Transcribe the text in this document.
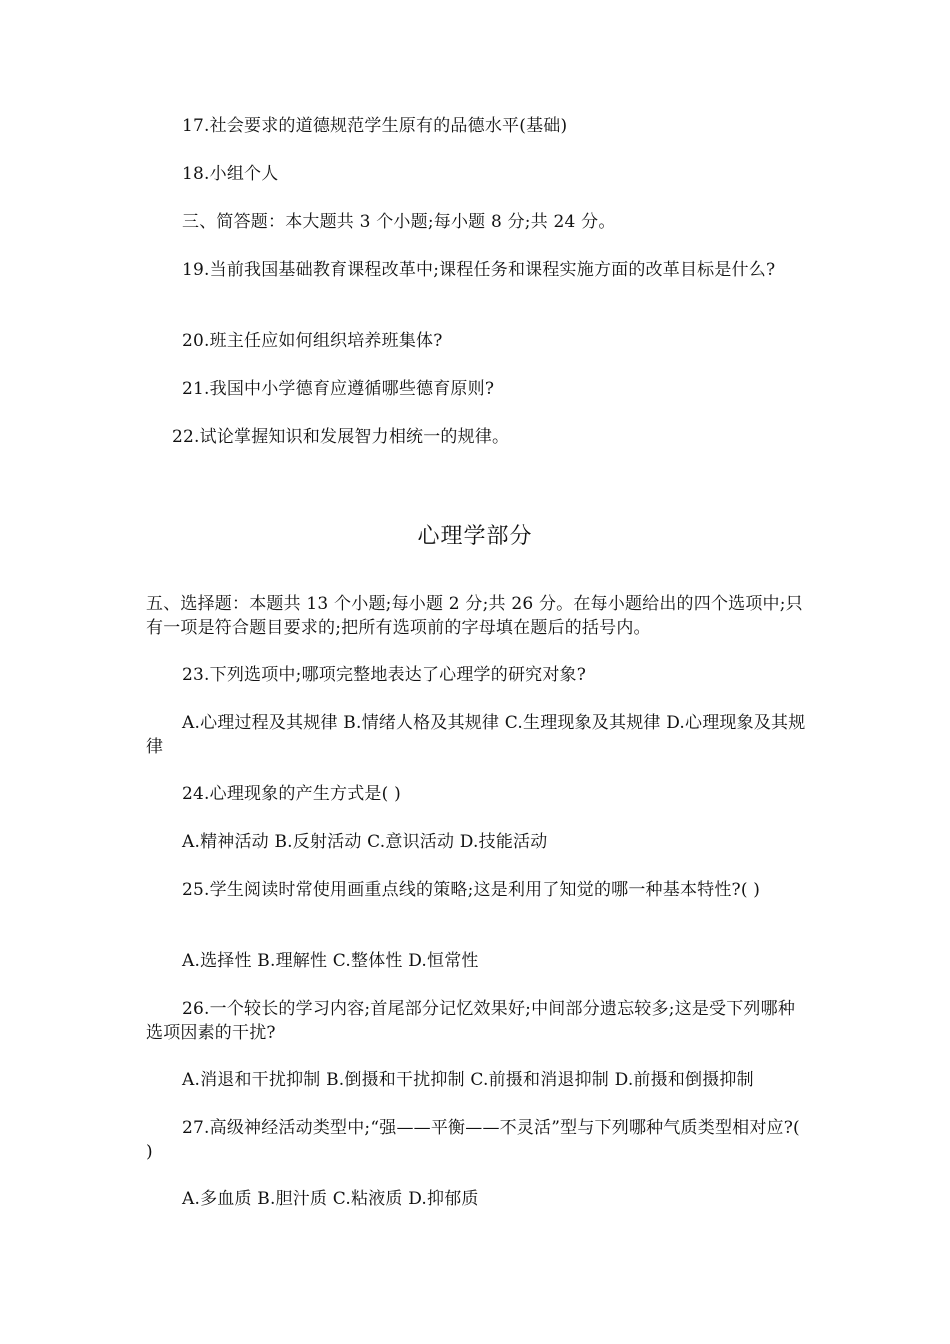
17.社会要求的道德规范学生原有的品德水平(基础)
18.小组个人
三、简答题：本大题共 3 个小题;每小题 8 分;共 24 分。
19.当前我国基础教育课程改革中;课程任务和课程实施方面的改革目标是什么?
20.班主任应如何组织培养班集体?
21.我国中小学德育应遵循哪些德育原则?
22.试论掌握知识和发展智力相统一的规律。
心理学部分
五、选择题：本题共 13 个小题;每小题 2 分;共 26 分。在每小题给出的四个选项中;只有一项是符合题目要求的;把所有选项前的字母填在题后的括号内。
23.下列选项中;哪项完整地表达了心理学的研究对象?
A.心理过程及其规律 B.情绪人格及其规律 C.生理现象及其规律 D.心理现象及其规律
24.心理现象的产生方式是( )
A.精神活动 B.反射活动 C.意识活动 D.技能活动
25.学生阅读时常使用画重点线的策略;这是利用了知觉的哪一种基本特性?( )
A.选择性 B.理解性 C.整体性 D.恒常性
26.一个较长的学习内容;首尾部分记忆效果好;中间部分遗忘较多;这是受下列哪种选项因素的干扰?
A.消退和干扰抑制 B.倒摄和干扰抑制 C.前摄和消退抑制 D.前摄和倒摄抑制
27.高级神经活动类型中;“强——平衡——不灵活”型与下列哪种气质类型相对应?( )
A.多血质 B.胆汁质 C.粘液质 D.抑郁质
